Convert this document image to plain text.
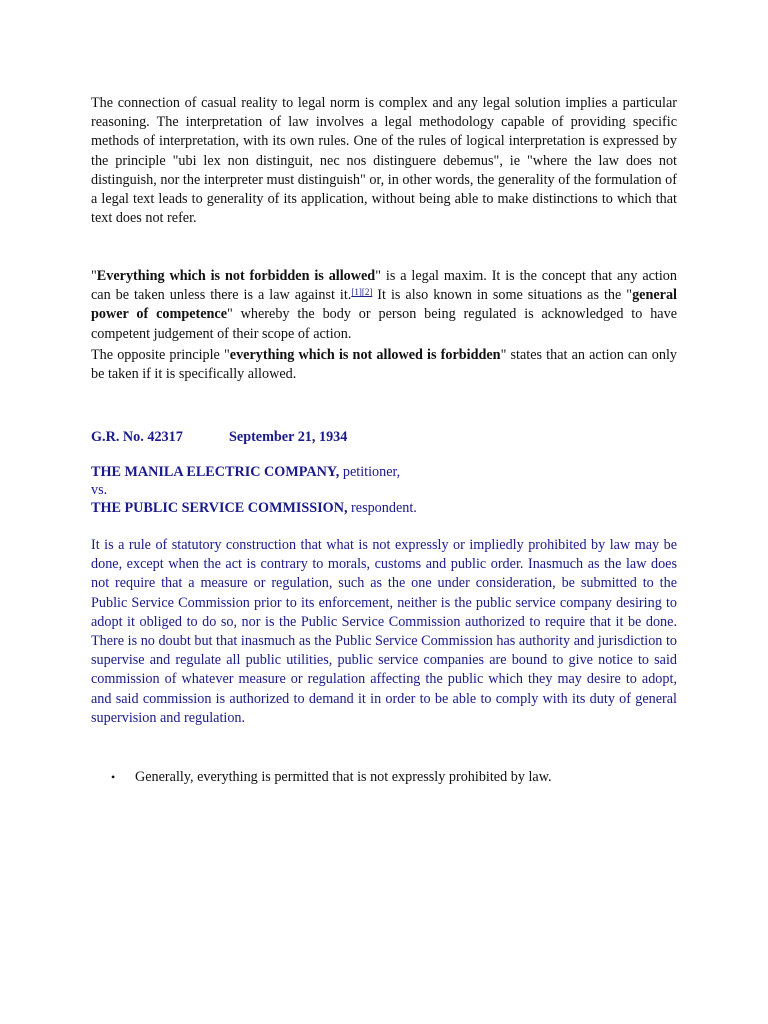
The connection of casual reality to legal norm is complex and any legal solution implies a particular reasoning. The interpretation of law involves a legal methodology capable of providing specific methods of interpretation, with its own rules. One of the rules of logical interpretation is expressed by the principle "ubi lex non distinguit, nec nos distinguere debemus", ie "where the law does not distinguish, nor the interpreter must distinguish" or, in other words, the generality of the formulation of a legal text leads to generality of its application, without being able to make distinctions to which that text does not refer.

"Everything which is not forbidden is allowed" is a legal maxim. It is the concept that any action can be taken unless there is a law against it.[1][2] It is also known in some situations as the "general power of competence" whereby the body or person being regulated is acknowledged to have competent judgement of their scope of action.

The opposite principle "everything which is not allowed is forbidden" states that an action can only be taken if it is specifically allowed.

G.R. No. 42317	September 21, 1934
THE MANILA ELECTRIC COMPANY, petitioner,
vs.
THE PUBLIC SERVICE COMMISSION, respondent.

It is a rule of statutory construction that what is not expressly or impliedly prohibited by law may be done, except when the act is contrary to morals, customs and public order. Inasmuch as the law does not require that a measure or regulation, such as the one under consideration, be submitted to the Public Service Commission prior to its enforcement, neither is the public service company desiring to adopt it obliged to do so, nor is the Public Service Commission authorized to require that it be done. There is no doubt but that inasmuch as the Public Service Commission has authority and jurisdiction to supervise and regulate all public utilities, public service companies are bound to give notice to said commission of whatever measure or regulation affecting the public which they may desire to adopt, and said commission is authorized to demand it in order to be able to comply with its duty of general supervision and regulation.

• Generally, everything is permitted that is not expressly prohibited by law.
